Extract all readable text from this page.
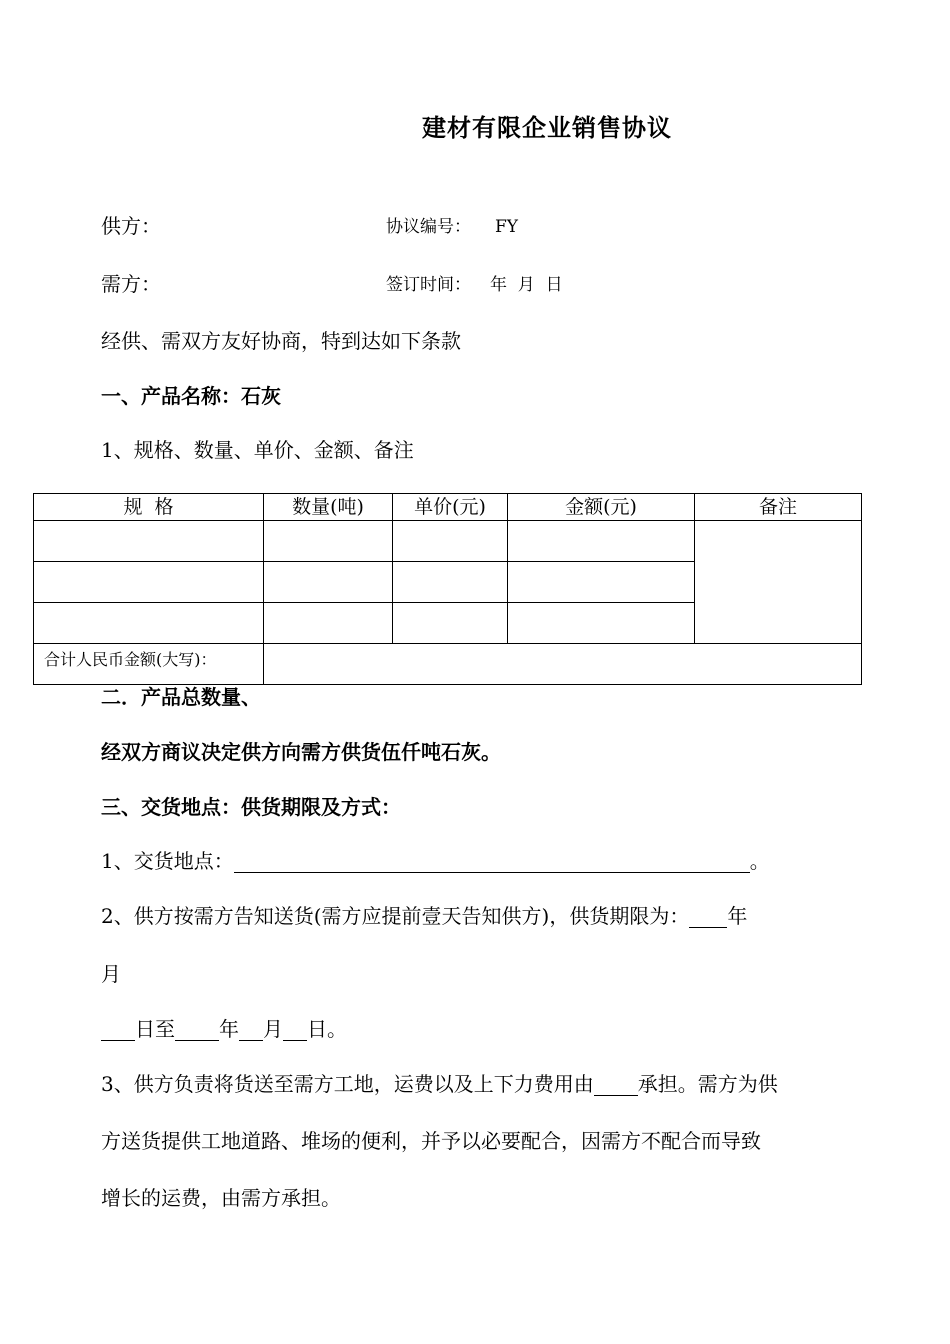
建材有限企业销售协议
供方：	协议编号： FY
需方：	签订时间： 年  月  日
经供、需双方友好协商，特到达如下条款
一、产品名称：石灰
1、规格、数量、单价、金额、备注
规  格	数量(吨)	单价(元)	金额(元)	备注

合计人民币金额(大写)：				

二．产品总数量、
经双方商议决定供方向需方供货伍仟吨石灰。
三、交货地点：供货期限及方式：
1、交货地点：	。
2、供方按需方告知送货(需方应提前壹天告知供方)，供货期限为： 年
月
日至 年 月 日。
3、供方负责将货送至需方工地，运费以及上下力费用由 承担。需方为供
方送货提供工地道路、堆场的便利，并予以必要配合，因需方不配合而导致
增长的运费，由需方承担。
